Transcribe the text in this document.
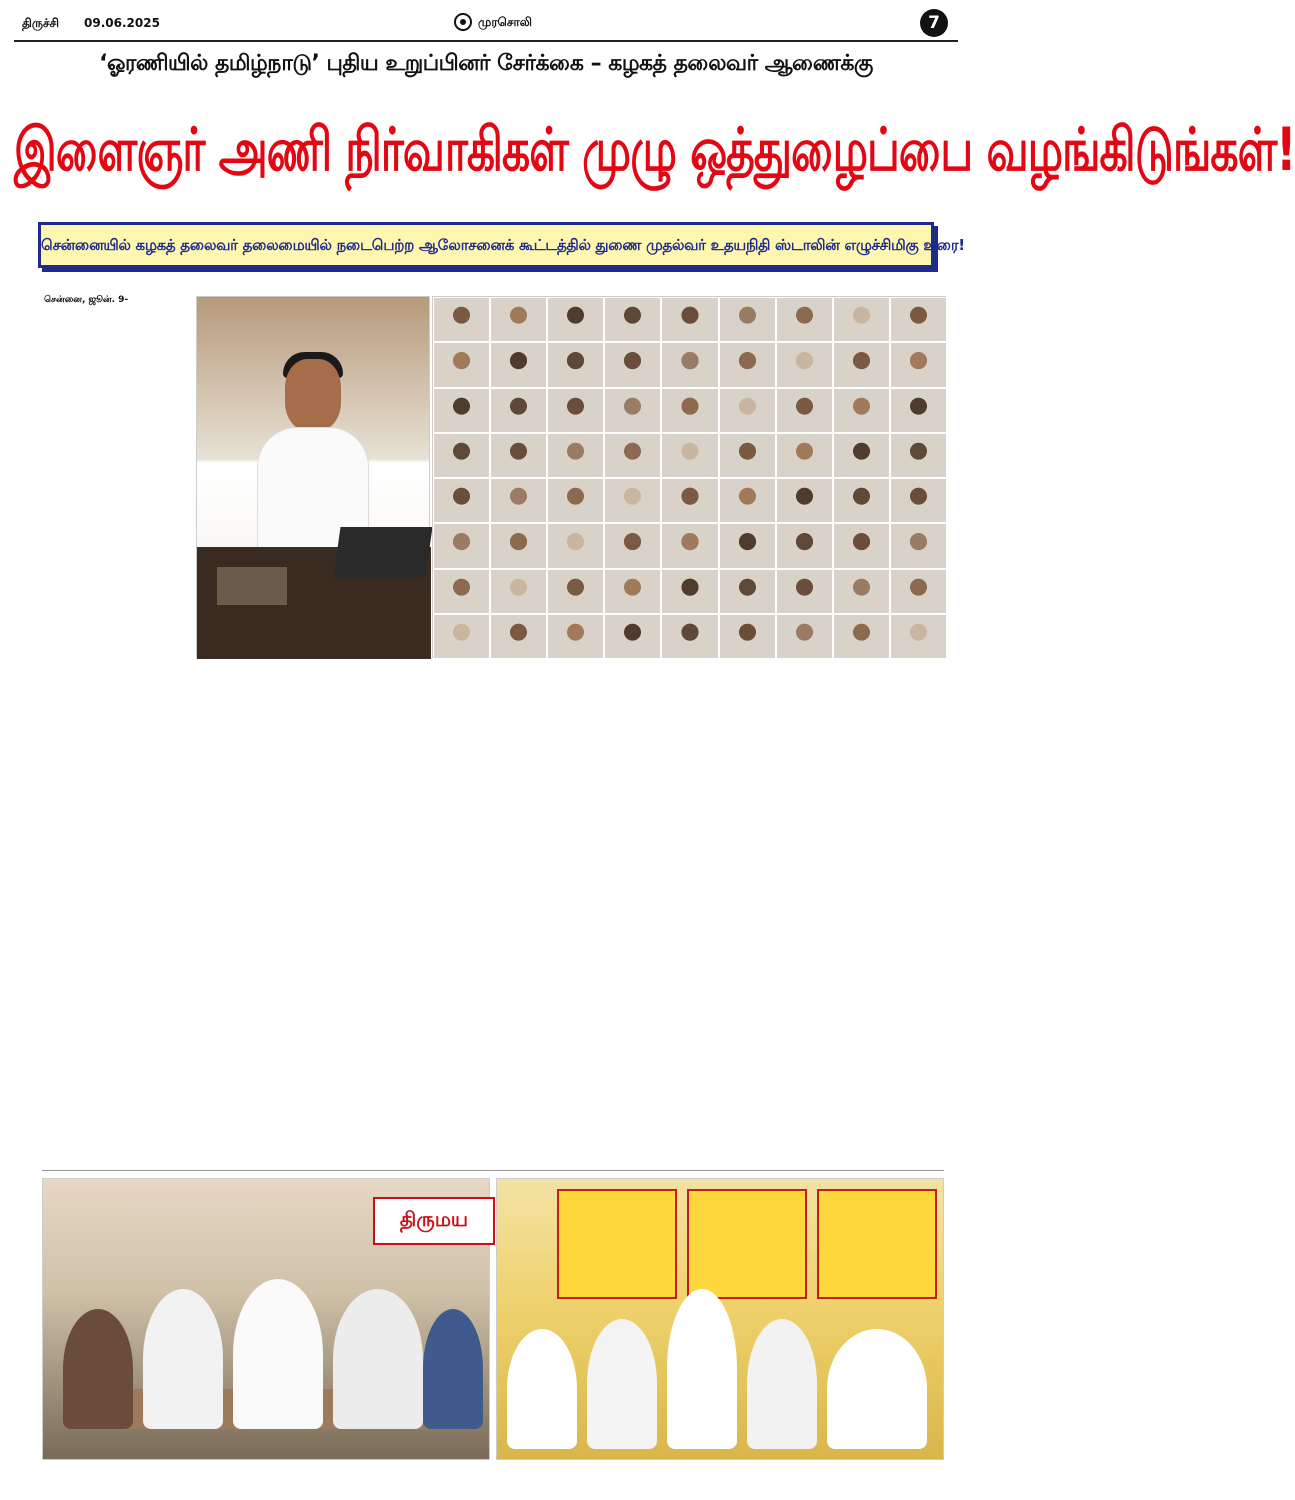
திருச்சி 09.06.2025	முரசொலி	7
‘ஓரணியில் தமிழ்நாடு’ புதிய உறுப்பினர் சேர்க்கை – கழகத் தலைவர் ஆணைக்கு
இளைஞர் அணி நிர்வாகிகள் முழு ஒத்துழைப்பை வழங்கிடுங்கள்!
சென்னையில் கழகத் தலைவர் தலைமையில் நடைபெற்ற ஆலோசனைக் கூட்டத்தில் துணை முதல்வர் உதயநிதி ஸ்டாலின் எழுச்சிமிகு உரை!
சென்னை, ஜூன். 9-
திருமய
